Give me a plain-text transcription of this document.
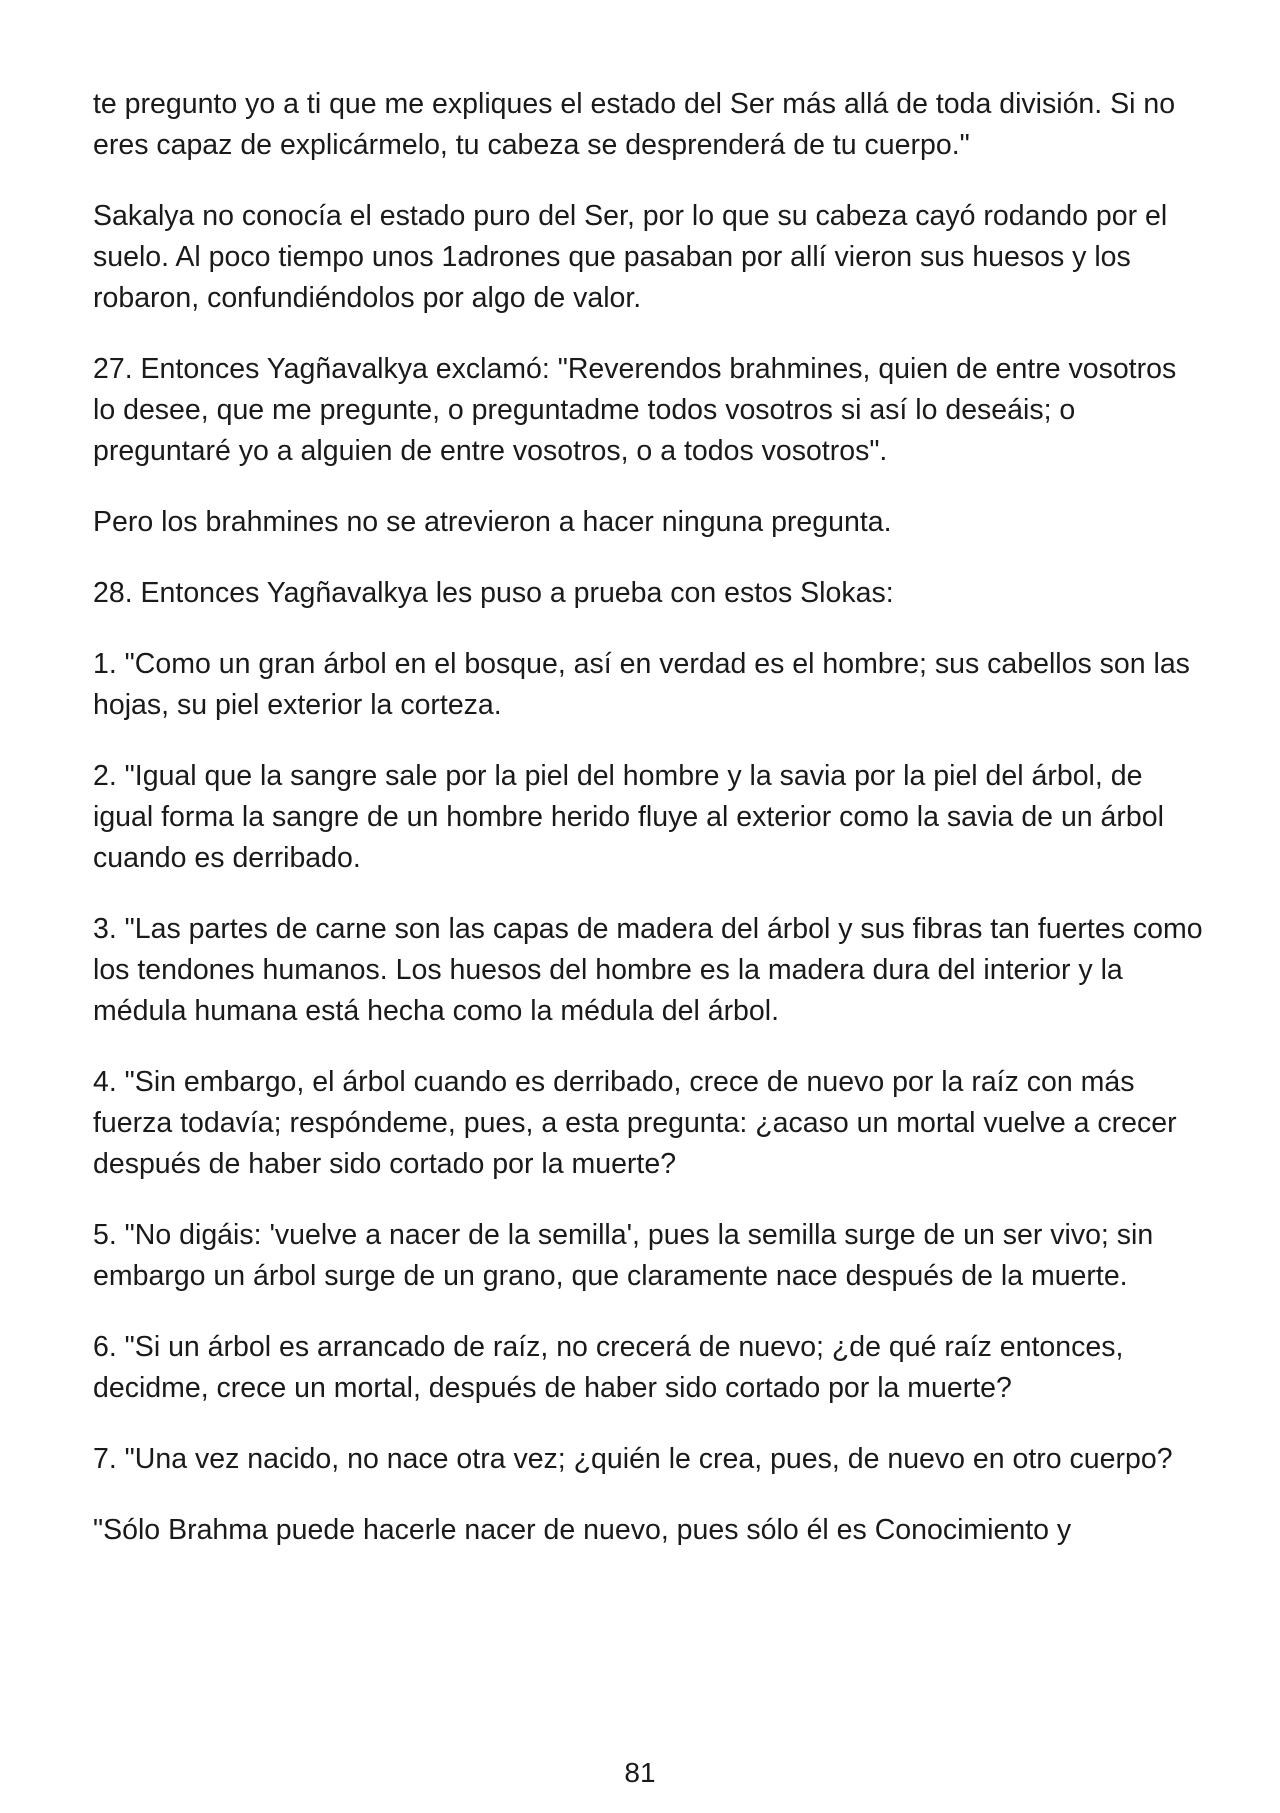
te pregunto yo a ti que me expliques el estado del Ser más allá de toda división. Si no eres capaz de explicármelo, tu cabeza se desprenderá de tu cuerpo."

Sakalya no conocía el estado puro del Ser, por lo que su cabeza cayó rodando por el suelo. Al poco tiempo unos 1adrones que pasaban por allí vieron sus huesos y los robaron, confundiéndolos por algo de valor.

27. Entonces Yagñavalkya exclamó: "Reverendos brahmines, quien de entre vosotros lo desee, que me pregunte, o preguntadme todos vosotros si así lo deseáis; o preguntaré yo a alguien de entre vosotros, o a todos vosotros".

Pero los brahmines no se atrevieron a hacer ninguna pregunta.

28. Entonces Yagñavalkya les puso a prueba con estos Slokas:

1. "Como un gran árbol en el bosque, así en verdad es el hombre; sus cabellos son las hojas, su piel exterior la corteza.

2. "Igual que la sangre sale por la piel del hombre y la savia por la piel del árbol, de igual forma la sangre de un hombre herido fluye al exterior como la savia de un árbol cuando es derribado.

3. "Las partes de carne son las capas de madera del árbol y sus fibras tan fuertes como los tendones humanos. Los huesos del hombre es la madera dura del interior y la médula humana está hecha como la médula del árbol.

4. "Sin embargo, el árbol cuando es derribado, crece de nuevo por la raíz con más fuerza todavía; respóndeme, pues, a esta pregunta: ¿acaso un mortal vuelve a crecer después de haber sido cortado por la muerte?

5. "No digáis: 'vuelve a nacer de la semilla', pues la semilla surge de un ser vivo; sin embargo un árbol surge de un grano, que claramente nace después de la muerte.

6. "Si un árbol es arrancado de raíz, no crecerá de nuevo; ¿de qué raíz entonces, decidme, crece un mortal, después de haber sido cortado por la muerte?

7. "Una vez nacido, no nace otra vez; ¿quién le crea, pues, de nuevo en otro cuerpo?

"Sólo Brahma puede hacerle nacer de nuevo, pues sólo él es Conocimiento y

81
